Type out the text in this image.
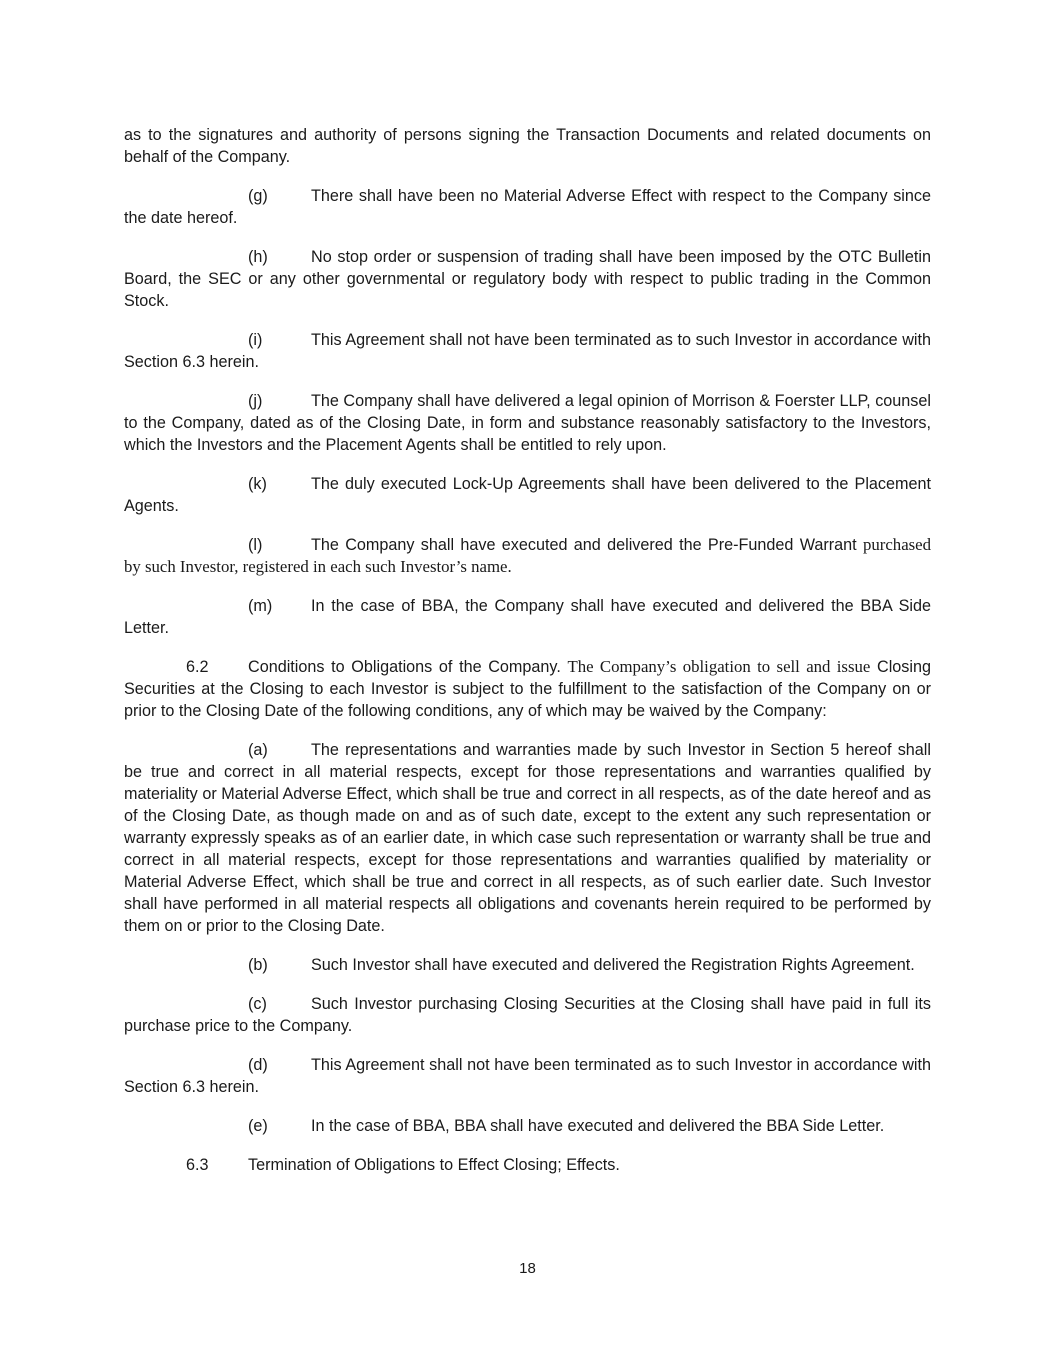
as to the signatures and authority of persons signing the Transaction Documents and related documents on behalf of the Company.

(g)	There shall have been no Material Adverse Effect with respect to the Company since the date hereof.

(h)	No stop order or suspension of trading shall have been imposed by the OTC Bulletin Board, the SEC or any other governmental or regulatory body with respect to public trading in the Common Stock.

(i)	This Agreement shall not have been terminated as to such Investor in accordance with Section 6.3 herein.

(j)	The Company shall have delivered a legal opinion of Morrison & Foerster LLP, counsel to the Company, dated as of the Closing Date, in form and substance reasonably satisfactory to the Investors, which the Investors and the Placement Agents shall be entitled to rely upon.

(k)	The duly executed Lock-Up Agreements shall have been delivered to the Placement Agents.

(l)	The Company shall have executed and delivered the Pre-Funded Warrant purchased by such Investor, registered in each such Investor’s name.

(m) In the case of BBA, the Company shall have executed and delivered the BBA Side Letter.

6.2 Conditions to Obligations of the Company. The Company’s obligation to sell and issue Closing Securities at the Closing to each Investor is subject to the fulfillment to the satisfaction of the Company on or prior to the Closing Date of the following conditions, any of which may be waived by the Company:

(a)	The representations and warranties made by such Investor in Section 5 hereof shall be true and correct in all material respects, except for those representations and warranties qualified by materiality or Material Adverse Effect, which shall be true and correct in all respects, as of the date hereof and as of the Closing Date, as though made on and as of such date, except to the extent any such representation or warranty expressly speaks as of an earlier date, in which case such representation or warranty shall be true and correct in all material respects, except for those representations and warranties qualified by materiality or Material Adverse Effect, which shall be true and correct in all respects, as of such earlier date. Such Investor shall have performed in all material respects all obligations and covenants herein required to be performed by them on or prior to the Closing Date.

(b)	Such Investor shall have executed and delivered the Registration Rights Agreement.

(c)	Such Investor purchasing Closing Securities at the Closing shall have paid in full its purchase price to the Company.

(d)	This Agreement shall not have been terminated as to such Investor in accordance with Section 6.3 herein.

(e)	In the case of BBA, BBA shall have executed and delivered the BBA Side Letter.

6.3 Termination of Obligations to Effect Closing; Effects.

18
